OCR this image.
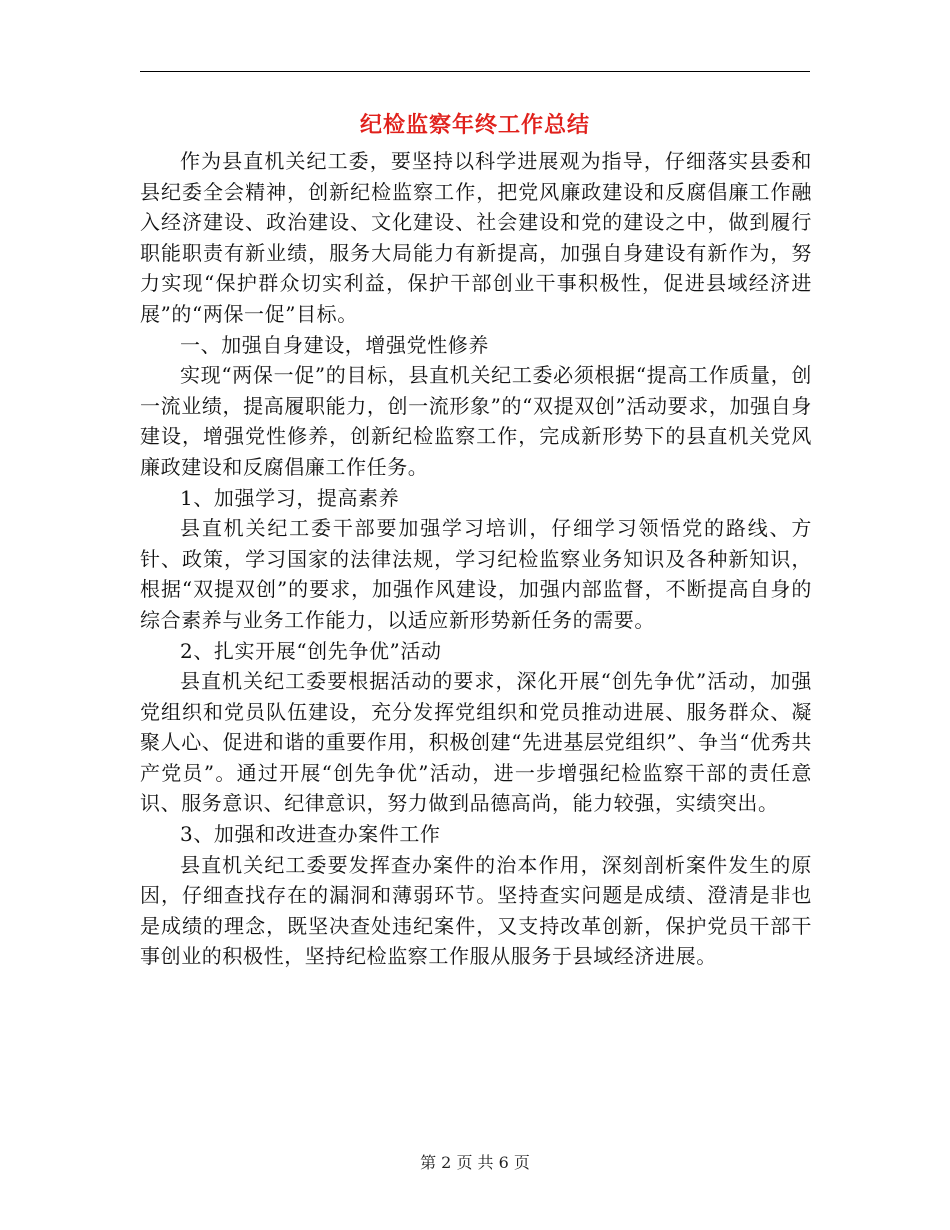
纪检监察年终工作总结

作为县直机关纪工委，要坚持以科学进展观为指导，仔细落实县委和县纪委全会精神，创新纪检监察工作，把党风廉政建设和反腐倡廉工作融入经济建设、政治建设、文化建设、社会建设和党的建设之中，做到履行职能职责有新业绩，服务大局能力有新提高，加强自身建设有新作为，努力实现“保护群众切实利益，保护干部创业干事积极性，促进县域经济进展”的“两保一促”目标。

一、加强自身建设，增强党性修养

实现“两保一促”的目标，县直机关纪工委必须根据“提高工作质量，创一流业绩，提高履职能力，创一流形象”的“双提双创”活动要求，加强自身建设，增强党性修养，创新纪检监察工作，完成新形势下的县直机关党风廉政建设和反腐倡廉工作任务。

1、加强学习，提高素养

县直机关纪工委干部要加强学习培训，仔细学习领悟党的路线、方针、政策，学习国家的法律法规，学习纪检监察业务知识及各种新知识，根据“双提双创”的要求，加强作风建设，加强内部监督，不断提高自身的综合素养与业务工作能力，以适应新形势新任务的需要。

2、扎实开展“创先争优”活动

县直机关纪工委要根据活动的要求，深化开展“创先争优”活动，加强党组织和党员队伍建设，充分发挥党组织和党员推动进展、服务群众、凝聚人心、促进和谐的重要作用，积极创建“先进基层党组织”、争当“优秀共产党员”。通过开展“创先争优”活动，进一步增强纪检监察干部的责任意识、服务意识、纪律意识，努力做到品德高尚，能力较强，实绩突出。

3、加强和改进查办案件工作

县直机关纪工委要发挥查办案件的治本作用，深刻剖析案件发生的原因，仔细查找存在的漏洞和薄弱环节。坚持查实问题是成绩、澄清是非也是成绩的理念，既坚决查处违纪案件，又支持改革创新，保护党员干部干事创业的积极性，坚持纪检监察工作服从服务于县域经济进展。

第 2 页 共 6 页
